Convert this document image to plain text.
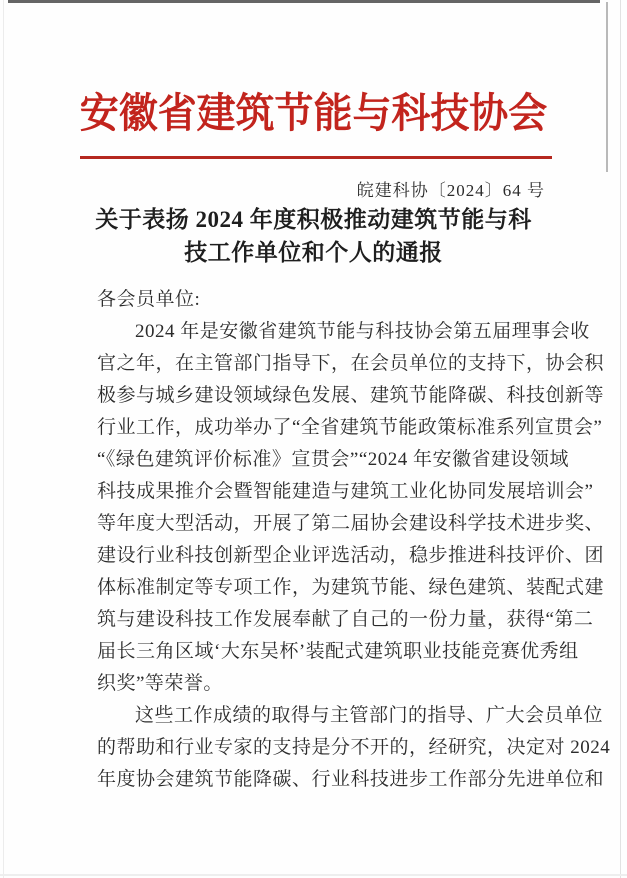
安徽省建筑节能与科技协会
皖建科协〔2024〕64 号
关于表扬 2024 年度积极推动建筑节能与科
技工作单位和个人的通报
各会员单位:
2024 年是安徽省建筑节能与科技协会第五届理事会收
官之年，在主管部门指导下，在会员单位的支持下，协会积
极参与城乡建设领域绿色发展、建筑节能降碳、科技创新等
行业工作，成功举办了“全省建筑节能政策标准系列宣贯会”
“《绿色建筑评价标准》宣贯会”“2024 年安徽省建设领域
科技成果推介会暨智能建造与建筑工业化协同发展培训会”
等年度大型活动，开展了第二届协会建设科学技术进步奖、
建设行业科技创新型企业评选活动，稳步推进科技评价、团
体标准制定等专项工作，为建筑节能、绿色建筑、装配式建
筑与建设科技工作发展奉献了自己的一份力量，获得“第二
届长三角区域‘大东吴杯’装配式建筑职业技能竞赛优秀组
织奖”等荣誉。
这些工作成绩的取得与主管部门的指导、广大会员单位
的帮助和行业专家的支持是分不开的，经研究，决定对 2024
年度协会建筑节能降碳、行业科技进步工作部分先进单位和
